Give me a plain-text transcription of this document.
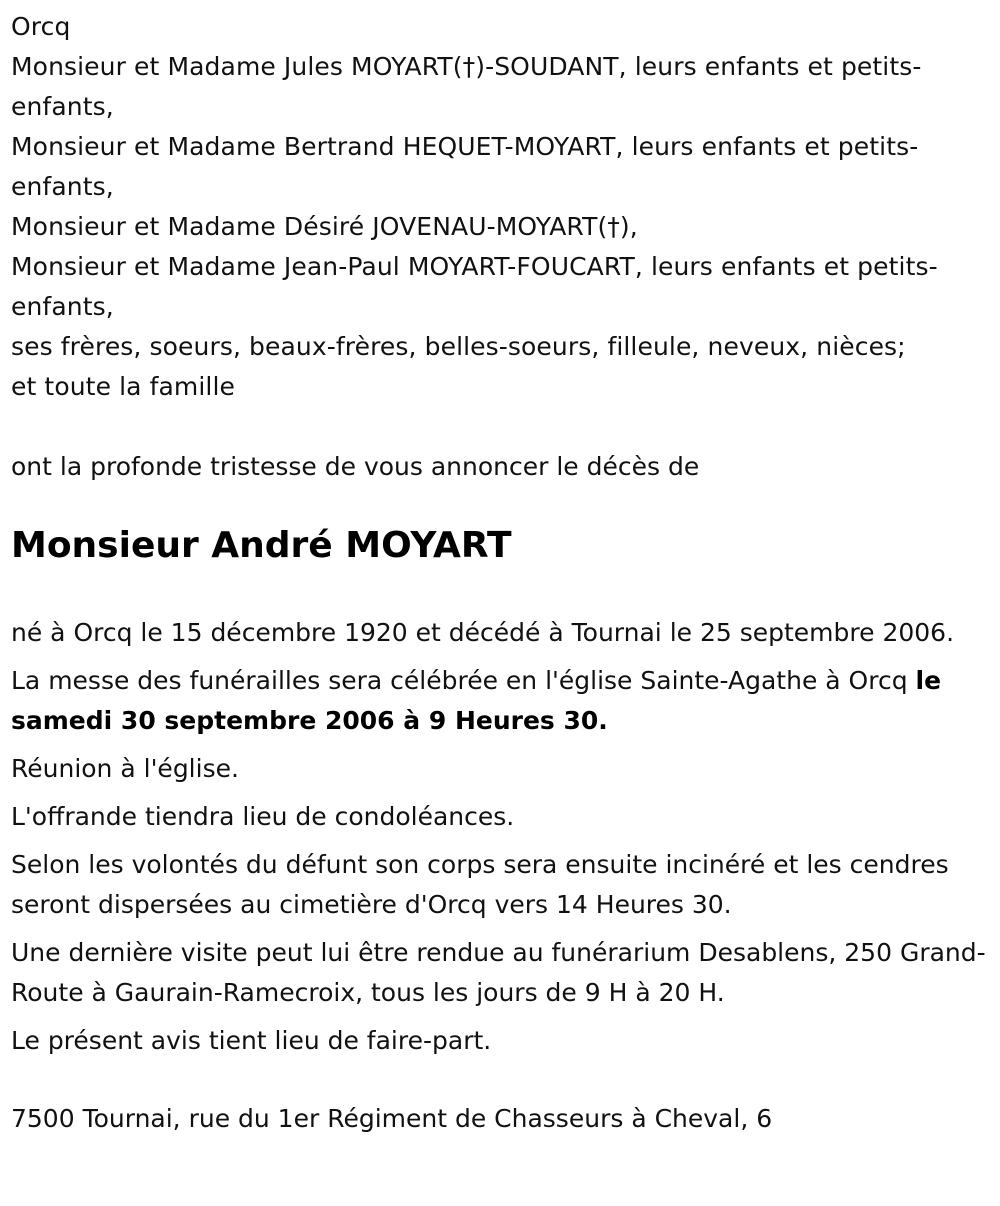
Orcq

Monsieur et Madame Jules MOYART(†)-SOUDANT, leurs enfants et petits-enfants,

Monsieur et Madame Bertrand HEQUET-MOYART, leurs enfants et petits-enfants,

Monsieur et Madame Désiré JOVENAU-MOYART(†),

Monsieur et Madame Jean-Paul MOYART-FOUCART, leurs enfants et petits-enfants,

ses frères, soeurs, beaux-frères, belles-soeurs, filleule, neveux, nièces;

et toute la famille

ont la profonde tristesse de vous annoncer le décès de

Monsieur André MOYART

né à Orcq le 15 décembre 1920 et décédé à Tournai le 25 septembre 2006.

La messe des funérailles sera célébrée en l'église Sainte-Agathe à Orcq le samedi 30 septembre 2006 à 9 Heures 30.

Réunion à l'église.

L'offrande tiendra lieu de condoléances.

Selon les volontés du défunt son corps sera ensuite incinéré et les cendres seront dispersées au cimetière d'Orcq vers 14 Heures 30.

Une dernière visite peut lui être rendue au funérarium Desablens, 250 Grand-Route à Gaurain-Ramecroix, tous les jours de 9 H à 20 H.

Le présent avis tient lieu de faire-part.

7500 Tournai, rue du 1er Régiment de Chasseurs à Cheval, 6
